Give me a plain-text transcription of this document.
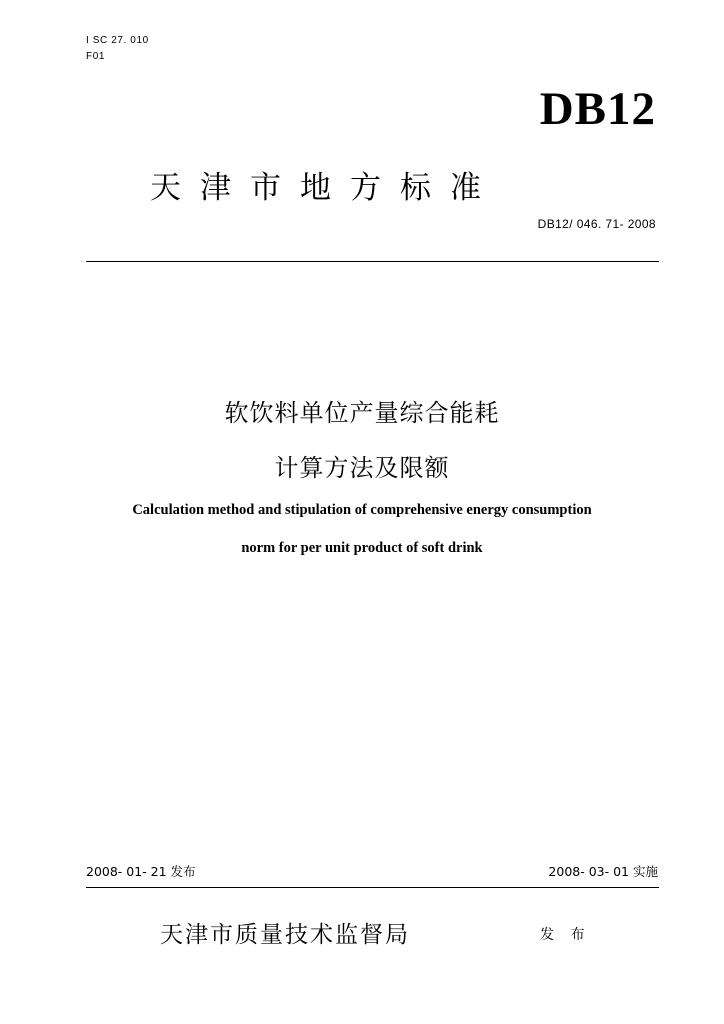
I SC 27. 010
F01
DB12
天津市地方标准
DB12/ 046. 71- 2008
软饮料单位产量综合能耗
计算方法及限额
Calculation method and stipulation of comprehensive energy consumption
norm for per unit product of soft drink
2008- 01- 21 发布	2008- 03- 01 实施
天津市质量技术监督局	发 布
